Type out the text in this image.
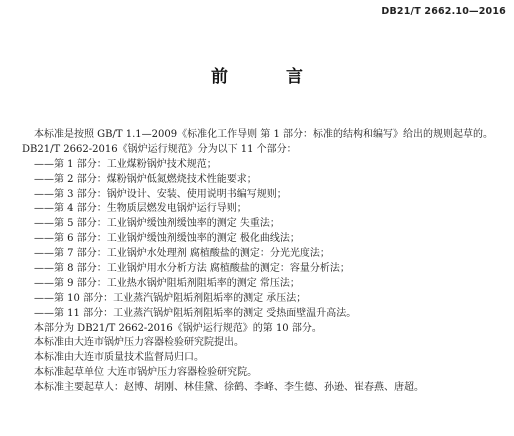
DB21/T 2662.10—2016
前 言
本标准是按照 GB/T 1.1—2009《标准化工作导则 第 1 部分：标准的结构和编写》给出的规则起草的。
DB21/T 2662-2016《锅炉运行规范》分为以下 11 个部分：
——第 1 部分：工业煤粉锅炉技术规范；
——第 2 部分：煤粉锅炉低氮燃烧技术性能要求；
——第 3 部分：锅炉设计、安装、使用说明书编写规则；
——第 4 部分：生物质层燃发电锅炉运行导则；
——第 5 部分：工业锅炉缓蚀剂缓蚀率的测定 失重法；
——第 6 部分：工业锅炉缓蚀剂缓蚀率的测定 极化曲线法；
——第 7 部分：工业锅炉水处理剂 腐植酸盐的测定：分光光度法；
——第 8 部分：工业锅炉用水分析方法 腐植酸盐的测定：容量分析法；
——第 9 部分：工业热水锅炉阻垢剂阻垢率的测定 常压法；
——第 10 部分：工业蒸汽锅炉阻垢剂阻垢率的测定 承压法；
——第 11 部分：工业蒸汽锅炉阻垢剂阻垢率的测定 受热面壁温升高法。
本部分为 DB21/T 2662-2016《锅炉运行规范》的第 10 部分。
本标准由大连市锅炉压力容器检验研究院提出。
本标准由大连市质量技术监督局归口。
本标准起草单位 大连市锅炉压力容器检验研究院。
本标准主要起草人：赵博、胡刚、林佳黛、徐鹤、李峰、李生德、孙逊、崔春燕、唐超。
